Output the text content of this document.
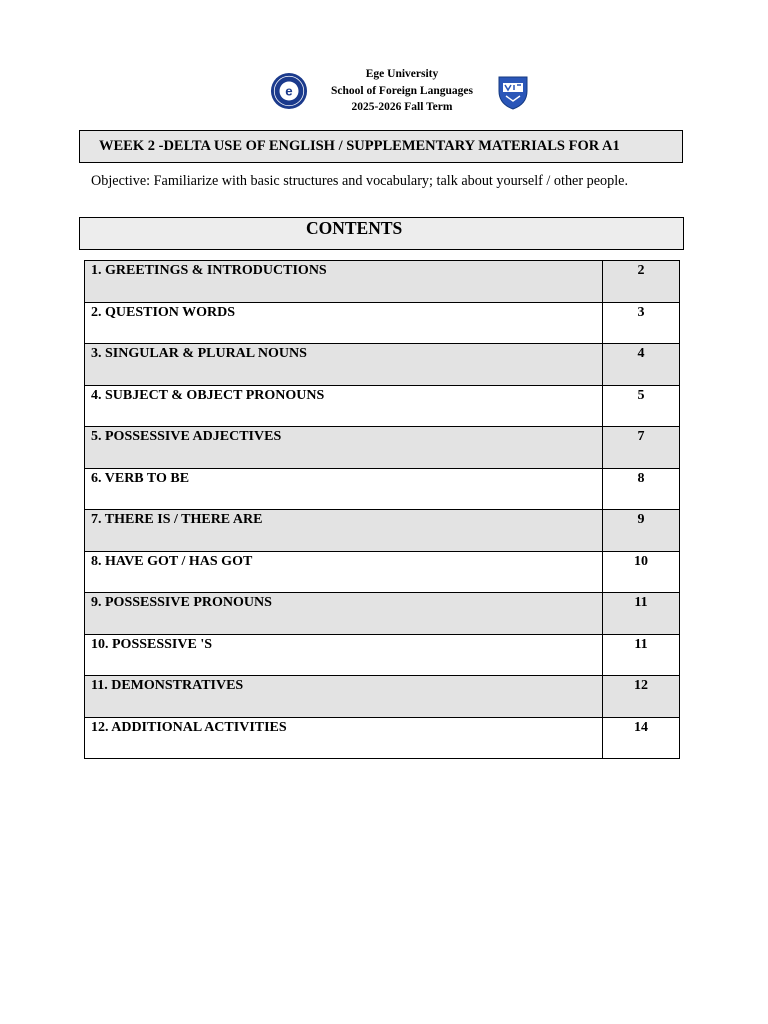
e
Ege University
School of Foreign Languages
2025-2026 Fall Term
WEEK 2 -DELTA USE OF ENGLISH / SUPPLEMENTARY MATERIALS FOR A1
Objective: Familiarize with basic structures and vocabulary; talk about yourself / other people.
CONTENTS
1. GREETINGS & INTRODUCTIONS	2
2. QUESTION WORDS	3
3. SINGULAR & PLURAL NOUNS	4
4. SUBJECT & OBJECT PRONOUNS	5
5. POSSESSIVE ADJECTIVES	7
6. VERB TO BE	8
7. THERE IS / THERE ARE	9
8. HAVE GOT / HAS GOT	10
9. POSSESSIVE PRONOUNS	11
10. POSSESSIVE 'S	11
11. DEMONSTRATIVES	12
12. ADDITIONAL ACTIVITIES	14
